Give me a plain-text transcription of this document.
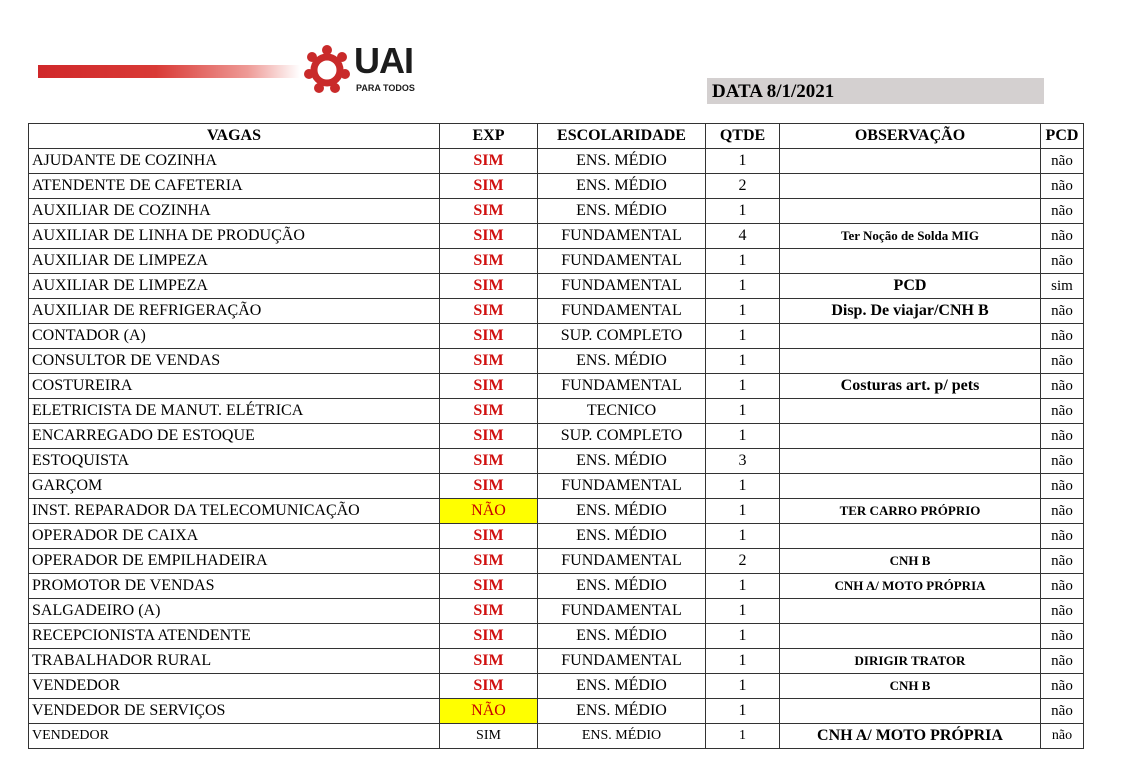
UAI
PARA TODOS	DATA 8/1/2021
VAGAS	EXP	ESCOLARIDADE	QTDE	OBSERVAÇÃO	PCD
AJUDANTE DE COZINHA	SIM	ENS. MÉDIO	1		não
ATENDENTE DE CAFETERIA	SIM	ENS. MÉDIO	2		não
AUXILIAR DE COZINHA	SIM	ENS. MÉDIO	1		não
AUXILIAR DE LINHA DE PRODUÇÃO	SIM	FUNDAMENTAL	4	Ter Noção de Solda MIG	não
AUXILIAR DE LIMPEZA	SIM	FUNDAMENTAL	1		não
AUXILIAR DE LIMPEZA	SIM	FUNDAMENTAL	1	PCD	sim
AUXILIAR DE REFRIGERAÇÃO	SIM	FUNDAMENTAL	1	Disp. De viajar/CNH B	não
CONTADOR (A)	SIM	SUP. COMPLETO	1		não
CONSULTOR DE VENDAS	SIM	ENS. MÉDIO	1		não
COSTUREIRA	SIM	FUNDAMENTAL	1	Costuras art. p/ pets	não
ELETRICISTA DE MANUT. ELÉTRICA	SIM	TECNICO	1		não
ENCARREGADO DE ESTOQUE	SIM	SUP. COMPLETO	1		não
ESTOQUISTA	SIM	ENS. MÉDIO	3		não
GARÇOM	SIM	FUNDAMENTAL	1		não
INST. REPARADOR DA TELECOMUNICAÇÃO	NÃO	ENS. MÉDIO	1	TER CARRO PRÓPRIO	não
OPERADOR DE CAIXA	SIM	ENS. MÉDIO	1		não
OPERADOR DE EMPILHADEIRA	SIM	FUNDAMENTAL	2	CNH B	não
PROMOTOR DE VENDAS	SIM	ENS. MÉDIO	1	CNH A/ MOTO PRÓPRIA	não
SALGADEIRO (A)	SIM	FUNDAMENTAL	1		não
RECEPCIONISTA ATENDENTE	SIM	ENS. MÉDIO	1		não
TRABALHADOR RURAL	SIM	FUNDAMENTAL	1	DIRIGIR TRATOR	não
VENDEDOR	SIM	ENS. MÉDIO	1	CNH B	não
VENDEDOR DE SERVIÇOS	NÃO	ENS. MÉDIO	1		não
VENDEDOR	SIM	ENS. MÉDIO	1	CNH A/ MOTO PRÓPRIA	não
